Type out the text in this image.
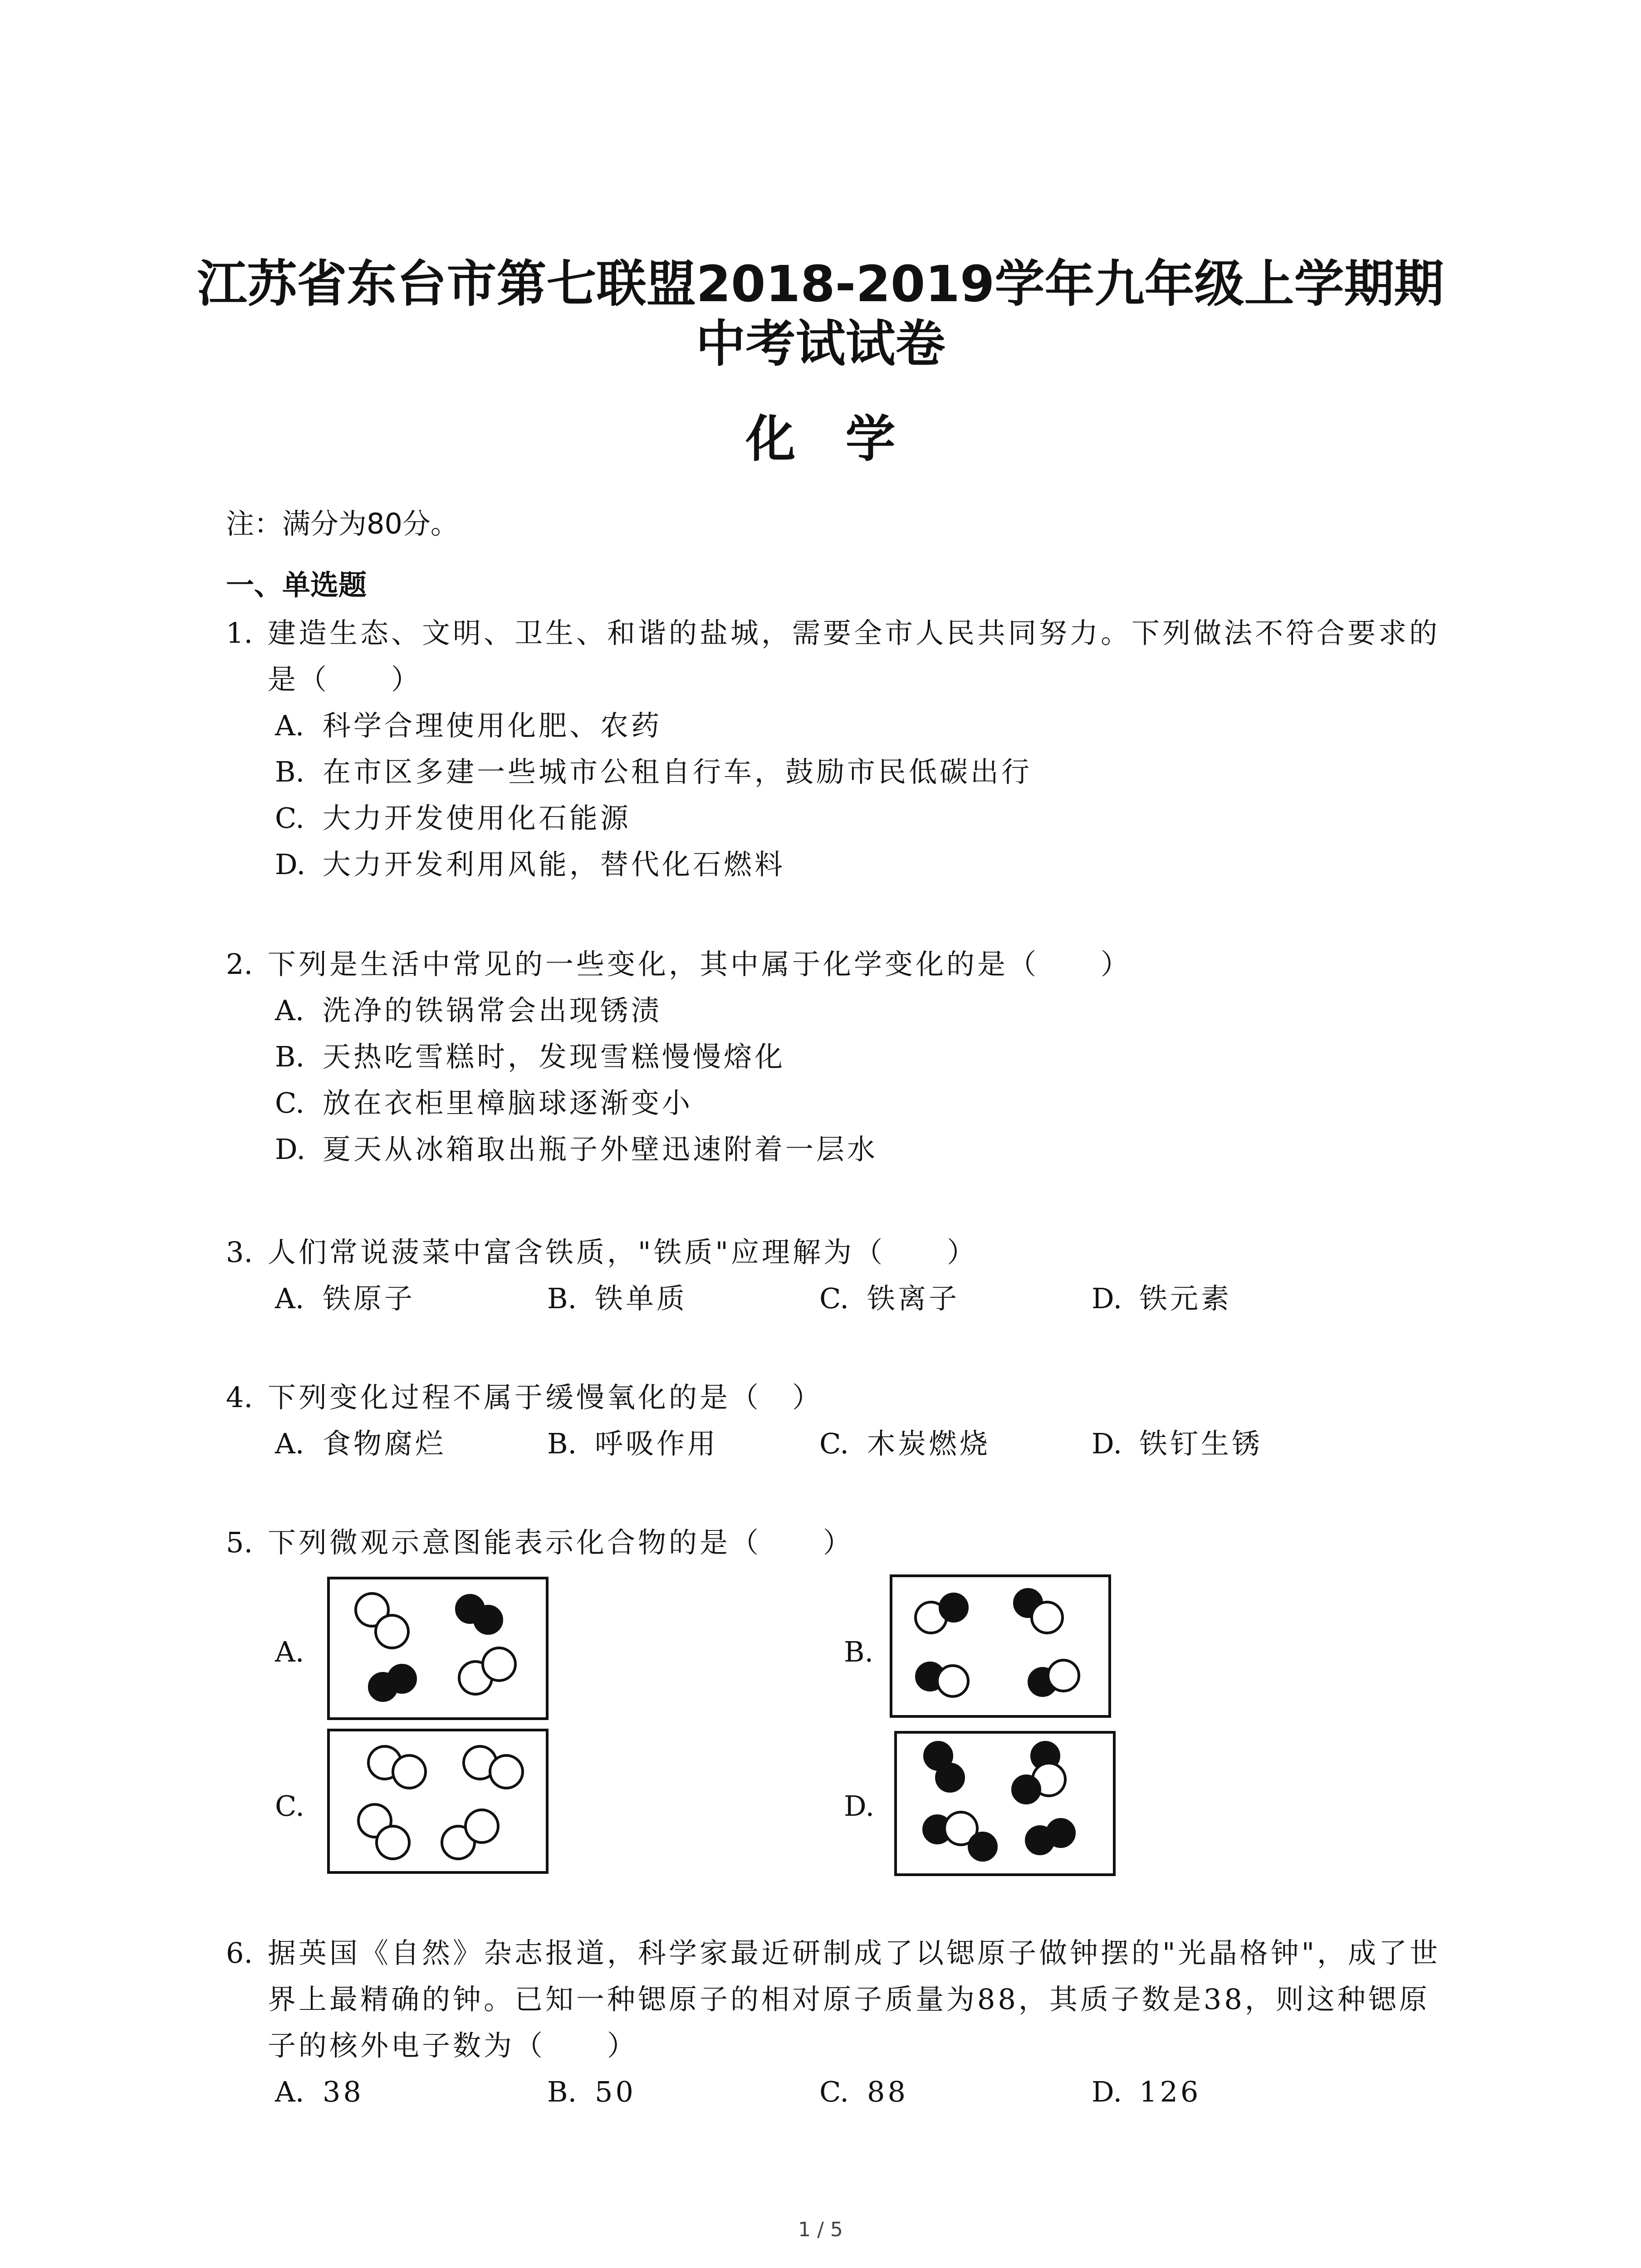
江苏省东台市第七联盟2018-2019学年九年级上学期期
中考试试卷
化学
注：满分为80分。
一、单选题
1. 建造生态、文明、卫生、和谐的盐城，需要全市人民共同努力。下列做法不符合要求的是（　　）
A. 科学合理使用化肥、农药
B. 在市区多建一些城市公租自行车，鼓励市民低碳出行
C. 大力开发使用化石能源
D. 大力开发利用风能，替代化石燃料
2. 下列是生活中常见的一些变化，其中属于化学变化的是（　　）
A. 洗净的铁锅常会出现锈渍
B. 天热吃雪糕时，发现雪糕慢慢熔化
C. 放在衣柜里樟脑球逐渐变小
D. 夏天从冰箱取出瓶子外壁迅速附着一层水
3. 人们常说菠菜中富含铁质，"铁质"应理解为（　　）
A. 铁原子	B. 铁单质	C. 铁离子	D. 铁元素
4. 下列变化过程不属于缓慢氧化的是（　）
A. 食物腐烂	B. 呼吸作用	C. 木炭燃烧	D. 铁钉生锈
5. 下列微观示意图能表示化合物的是（　　）
A.	B.
C.	D.
6. 据英国《自然》杂志报道，科学家最近研制成了以锶原子做钟摆的"光晶格钟"，成了世界上最精确的钟。已知一种锶原子的相对原子质量为88，其质子数是38，则这种锶原子的核外电子数为（　　）
A. 38	B. 50	C. 88	D. 126
1 / 5
